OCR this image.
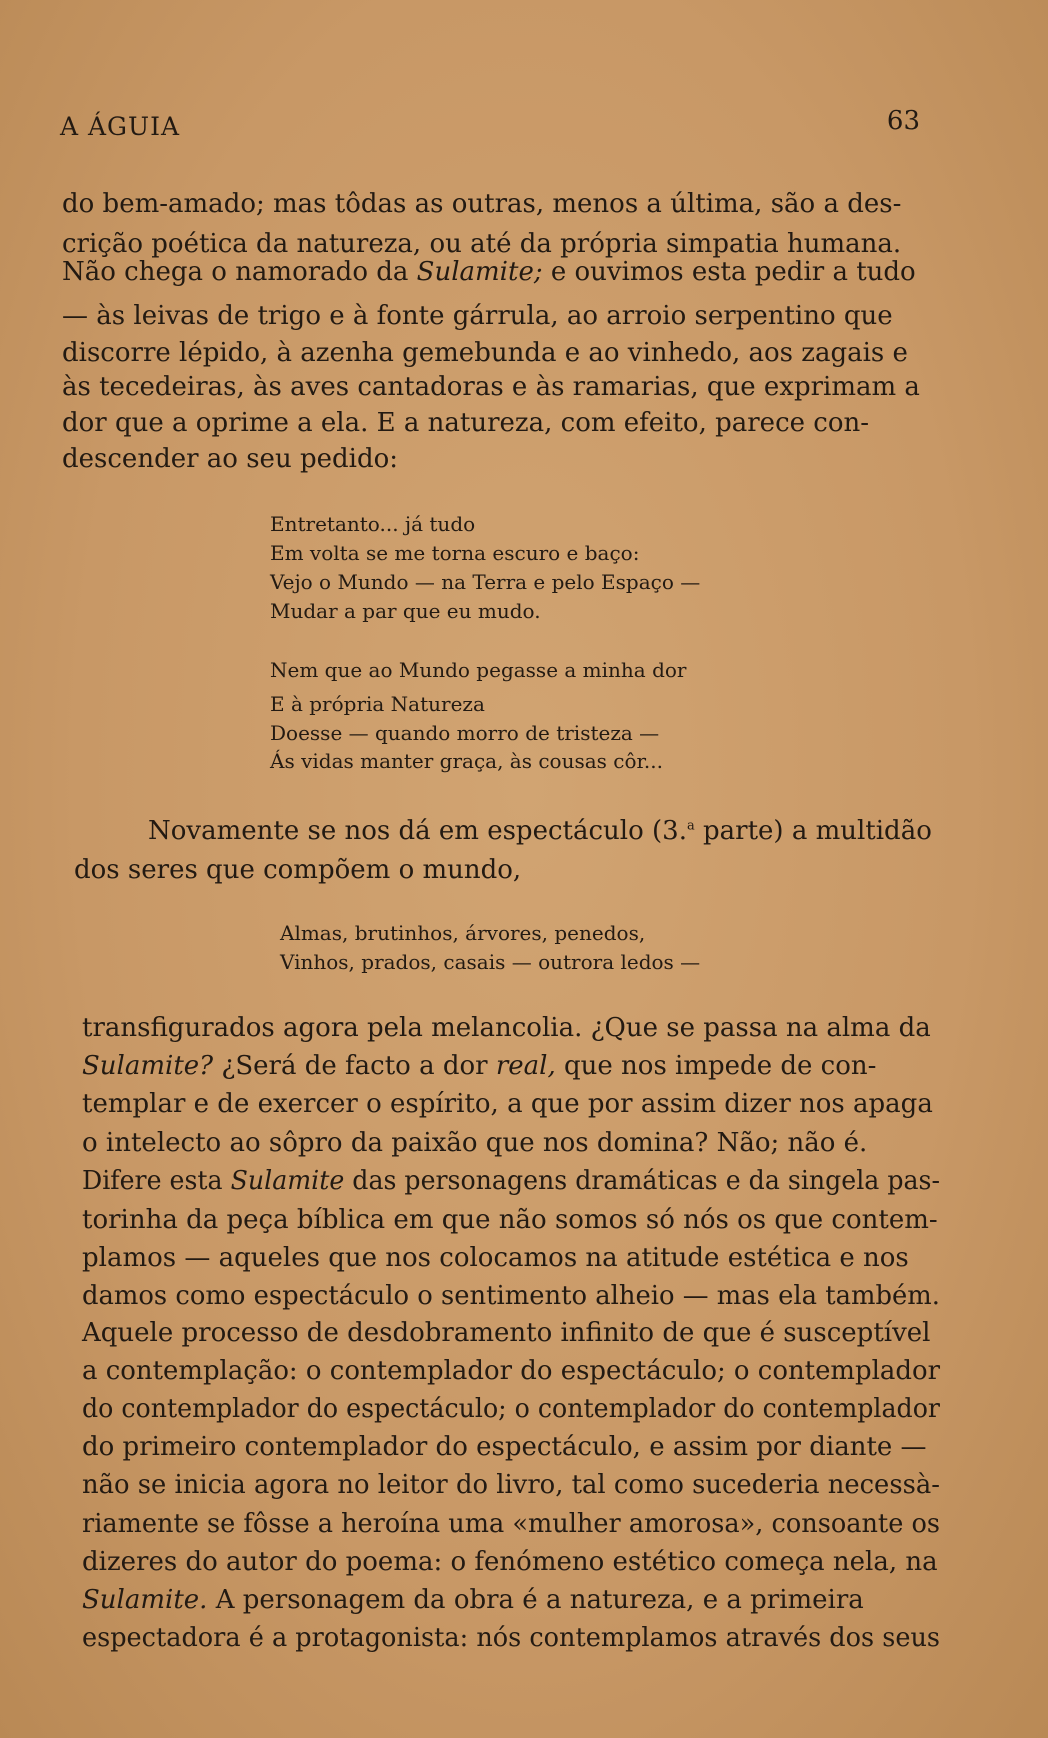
A ÁGUIA	63
do bem-amado; mas tôdas as outras, menos a última, são a des-
crição poética da natureza, ou até da própria simpatia humana.
Não chega o namorado da Sulamite; e ouvimos esta pedir a tudo
— às leivas de trigo e à fonte gárrula, ao arroio serpentino que
discorre lépido, à azenha gemebunda e ao vinhedo, aos zagais e
às tecedeiras, às aves cantadoras e às ramarias, que exprimam a
dor que a oprime a ela. E a natureza, com efeito, parece con-
descender ao seu pedido:
Entretanto... já tudo
Em volta se me torna escuro e baço:
Vejo o Mundo — na Terra e pelo Espaço —
Mudar a par que eu mudo.
Nem que ao Mundo pegasse a minha dor
E à própria Natureza
Doesse — quando morro de tristeza —
Ás vidas manter graça, às cousas côr...
Novamente se nos dá em espectáculo (3.$^a$ parte) a multidão
dos seres que compõem o mundo,
Almas, brutinhos, árvores, penedos,
Vinhos, prados, casais — outrora ledos —
transfigurados agora pela melancolia. ¿Que se passa na alma da
Sulamite? ¿Será de facto a dor real, que nos impede de con-
templar e de exercer o espírito, a que por assim dizer nos apaga
o intelecto ao sôpro da paixão que nos domina? Não; não é.
Difere esta Sulamite das personagens dramáticas e da singela pas-
torinha da peça bíblica em que não somos só nós os que contem-
plamos — aqueles que nos colocamos na atitude estética e nos
damos como espectáculo o sentimento alheio — mas ela também.
Aquele processo de desdobramento infinito de que é susceptível
a contemplação: o contemplador do espectáculo; o contemplador
do contemplador do espectáculo; o contemplador do contemplador
do primeiro contemplador do espectáculo, e assim por diante —
não se inicia agora no leitor do livro, tal como sucederia necessà-
riamente se fôsse a heroína uma «mulher amorosa», consoante os
dizeres do autor do poema: o fenómeno estético começa nela, na
Sulamite. A personagem da obra é a natureza, e a primeira
espectadora é a protagonista: nós contemplamos através dos seus
